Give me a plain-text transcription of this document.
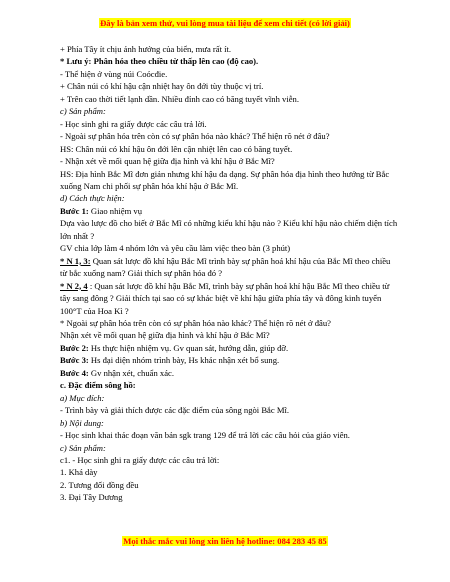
Đây là bản xem thử, vui lòng mua tài liệu để xem chi tiết (có lời giải)
+ Phía Tây ít chịu ảnh hưởng của biển, mưa rất ít.
* Lưu ý: Phân hóa theo chiều từ thấp lên cao (độ cao).
- Thể hiện ở vùng núi Coócđie.
+ Chân núi có khí hậu cận nhiệt hay ôn đới tùy thuộc vị trí.
+ Trên cao thời tiết lạnh dần. Nhiều đỉnh cao có băng tuyết vĩnh viễn.
c) Sản phẩm:
- Học sinh ghi ra giấy được các câu trả lời.
- Ngoài sự phân hóa trên còn có sự phân hóa nào khác? Thể hiện rõ nét ở đâu?
HS: Chân núi có khí hậu ôn đới lên cận nhiệt lên cao có băng tuyết.
- Nhận xét về mối quan hệ giữa địa hình và khí hậu ở Bắc Mĩ?
HS: Địa hình Bắc Mĩ đơn giản nhưng khí hậu đa dạng. Sự phân hóa địa hình theo hướng từ Bắc xuống Nam chi phối sự phân hóa khí hậu ở Bắc Mĩ.
d) Cách thực hiện:
Bước 1: Giao nhiệm vụ
Dựa vào lược đồ cho biết ở Bắc Mĩ có những kiểu khí hậu nào ? Kiểu khí hậu nào chiếm diện tích lớn nhất ?
GV chia lớp làm 4 nhóm lớn và yêu cầu làm việc theo bàn (3 phút)
* N 1, 3: Quan sát lược đồ khí hậu Bắc Mĩ trình bày sự phân hoá khí hậu của Bắc Mĩ theo chiều từ bắc xuống nam? Giải thích sự phân hóa đó ?
* N 2, 4 : Quan sát lược đồ khí hậu Bắc Mĩ, trình bày sự phân hoá khí hậu Bắc Mĩ theo chiều từ tây sang đông ? Giải thích tại sao có sự khác biệt về khí hậu giữa phía tây và đông kinh tuyến 100°T của Hoa Kì ?
* Ngoài sự phân hóa trên còn có sự phân hóa nào khác? Thể hiện rõ nét ở đâu?
Nhận xét về mối quan hệ giữa địa hình và khí hậu ở Bắc Mĩ?
Bước 2: Hs thực hiện nhiệm vụ. Gv quan sát, hướng dẫn, giúp đỡ.
Bước 3: Hs đại diện nhóm trình bày, Hs khác nhận xét bổ sung.
Bước 4: Gv nhận xét, chuẩn xác.
c. Đặc điểm sông hồ:
a) Mục đích:
- Trình bày và giải thích được các đặc điểm của sông ngòi Bắc Mĩ.
b) Nội dung:
- Học sinh khai thác đoạn văn bản sgk trang 129 để trả lời các câu hỏi của giáo viên.
c) Sản phẩm:
c1. - Học sinh ghi ra giấy được các câu trả lời:
1. Khá dày
2. Tương đối đồng đều
3. Đại Tây Dương
Mọi thắc mắc vui lòng xin liên hệ hotline: 084 283 45 85
